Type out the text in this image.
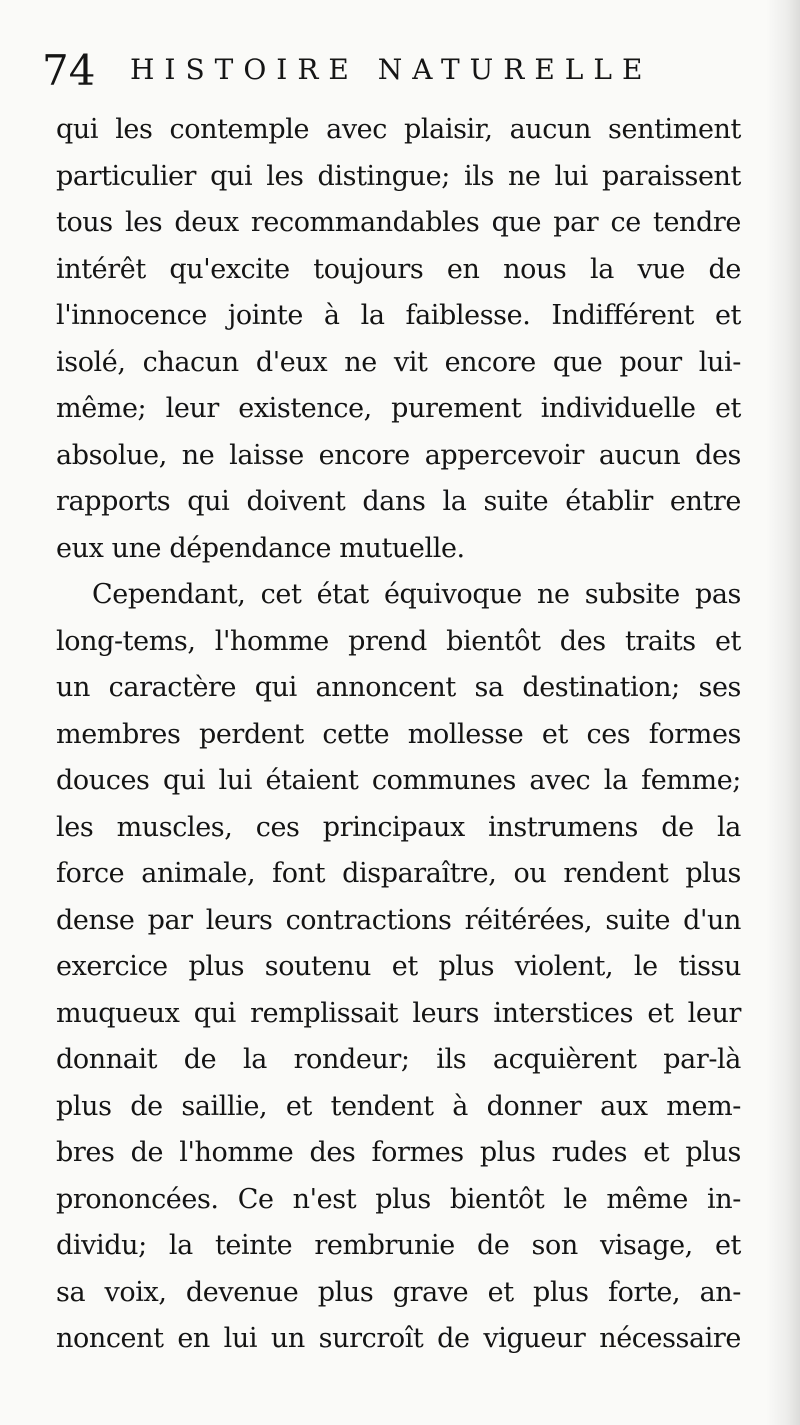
74 HISTOIRE NATURELLE

qui les contemple avec plaisir, aucun sentiment
particulier qui les distingue; ils ne lui paraissent
tous les deux recommandables que par ce tendre
intérêt qu'excite toujours en nous la vue de
l'innocence jointe à la faiblesse. Indifférent et
isolé, chacun d'eux ne vit encore que pour lui-
même; leur existence, purement individuelle et
absolue, ne laisse encore appercevoir aucun des
rapports qui doivent dans la suite établir entre
eux une dépendance mutuelle.

Cependant, cet état équivoque ne subsite pas
long-tems, l'homme prend bientôt des traits et
un caractère qui annoncent sa destination; ses
membres perdent cette mollesse et ces formes
douces qui lui étaient communes avec la femme;
les muscles, ces principaux instrumens de la
force animale, font disparaître, ou rendent plus
dense par leurs contractions réitérées, suite d'un
exercice plus soutenu et plus violent, le tissu
muqueux qui remplissait leurs interstices et leur
donnait de la rondeur; ils acquièrent par-là
plus de saillie, et tendent à donner aux mem-
bres de l'homme des formes plus rudes et plus
prononcées. Ce n'est plus bientôt le même in-
dividu; la teinte rembrunie de son visage, et
sa voix, devenue plus grave et plus forte, an-
noncent en lui un surcroît de vigueur nécessaire
